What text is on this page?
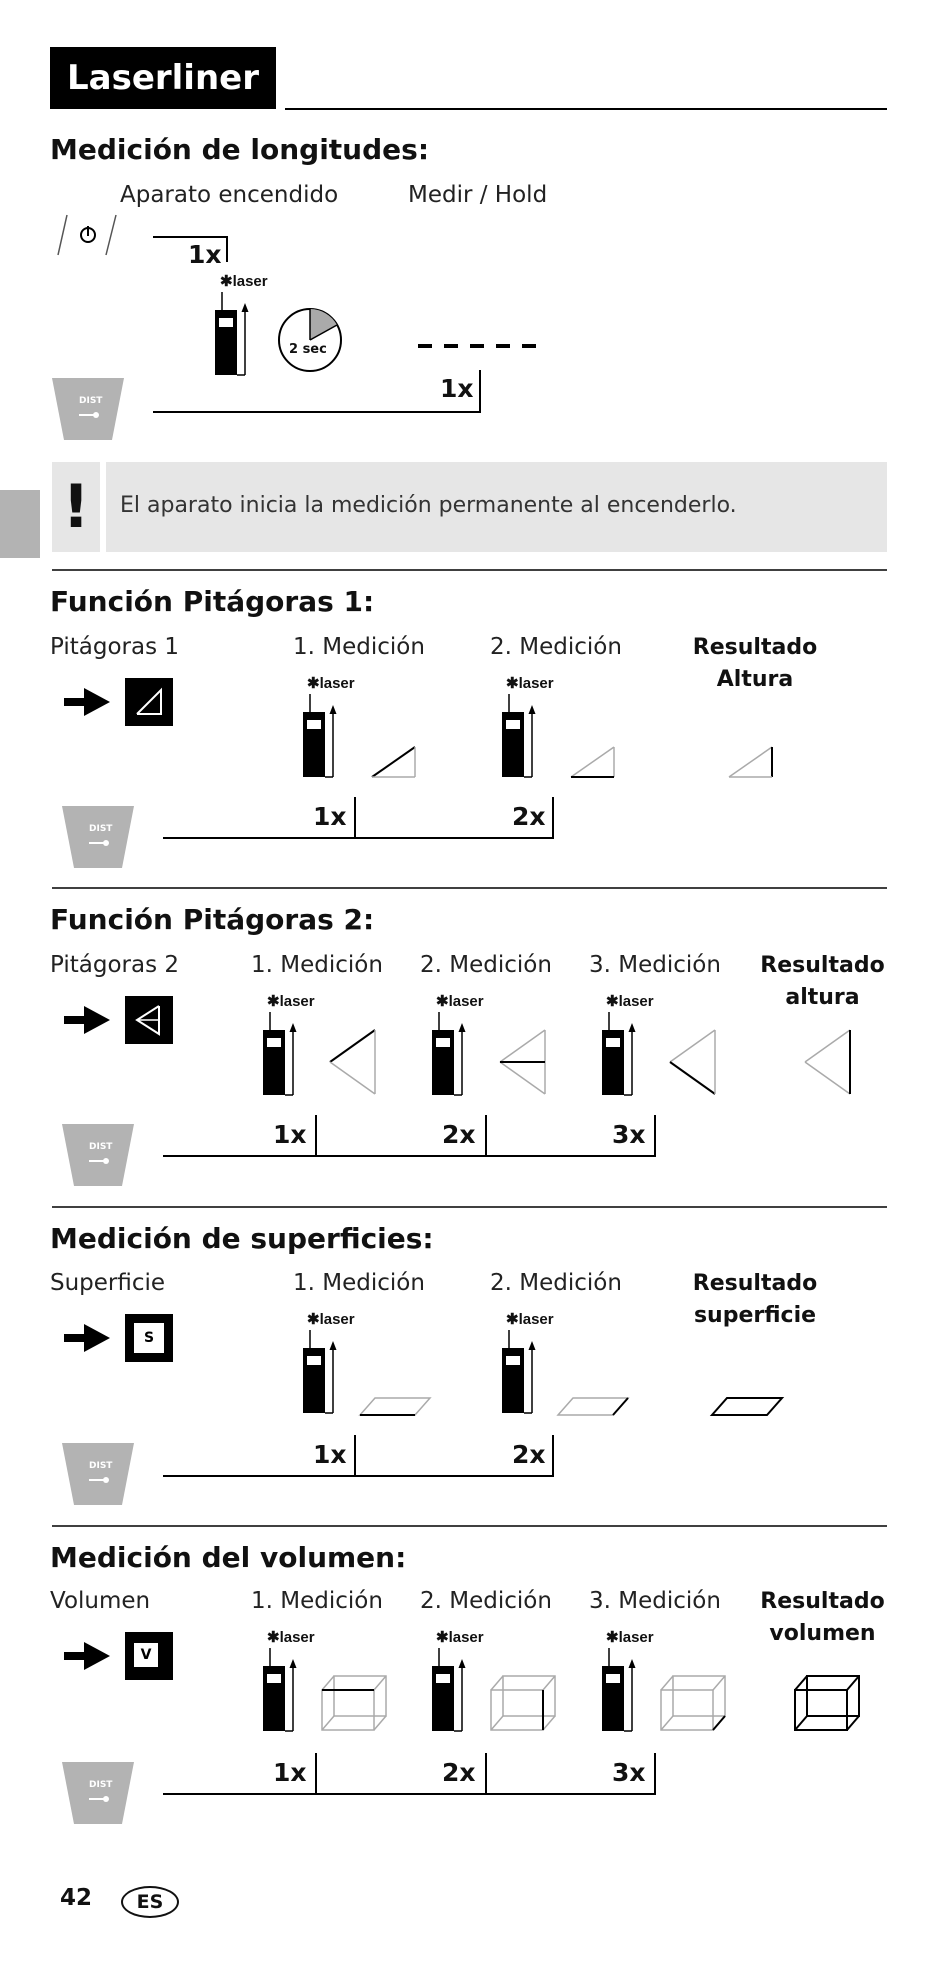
Laserliner
Medición de longitudes:
Aparato encendido	Medir / Hold
1x
✱laser
2 sec
DIST	1x
!	El aparato inicia la medición permanente al encenderlo.
Función Pitágoras 1:
Pitágoras 1	1. Medición	2. Medición	Resultado
Altura
✱laser	✱laser
DIST	1x	2x
Función Pitágoras 2:
Pitágoras 2	1. Medición 2. Medición 3. Medición	Resultado
altura
✱laser	✱laser	✱laser
DIST	1x	2x	3x
Medición de superficies:
Superficie	1. Medición	2. Medición	Resultado
superficie
S
✱laser	✱laser
DIST	1x	2x
Medición del volumen:
Volumen	1. Medición 2. Medición 3. Medición	Resultado
volumen
V
✱laser	✱laser	✱laser
DIST	1x	2x	3x
42	ES
